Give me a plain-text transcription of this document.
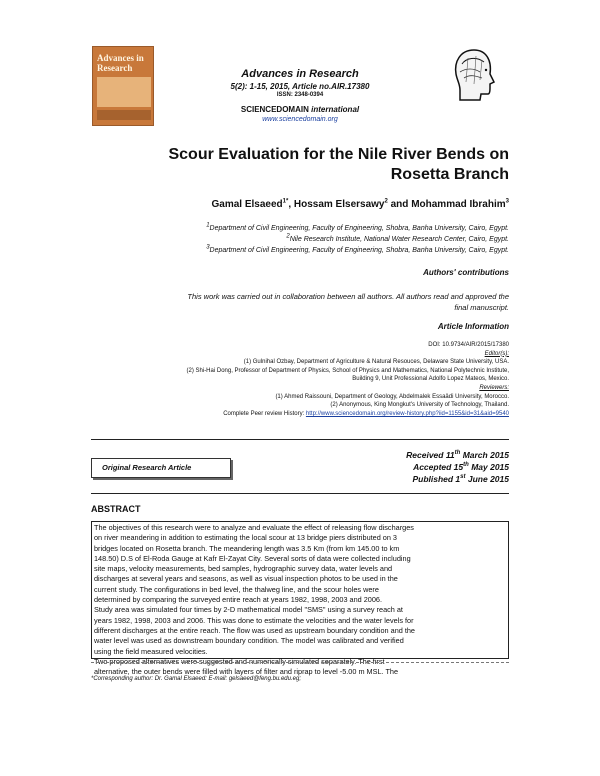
Advances in Research	Advances in Research
5(2): 1-15, 2015, Article no.AIR.17380
ISSN: 2348-0394
SCIENCEDOMAIN international
www.sciencedomain.org
Scour Evaluation for the Nile River Bends on
Rosetta Branch
Gamal Elsaeed$^{1*}$, Hossam Elsersawy$^2$ and Mohammad Ibrahim$^3$
$^1$Department of Civil Engineering, Faculty of Engineering, Shobra, Banha University, Cairo, Egypt.
$^2$Nile Research Institute, National Water Research Center, Cairo, Egypt.
$^3$Department of Civil Engineering, Faculty of Engineering, Shobra, Banha University, Cairo, Egypt.
Authors' contributions
This work was carried out in collaboration between all authors. All authors read and approved the
final manuscript.
Article Information
DOI: 10.9734/AIR/2015/17380
Editor(s):
(1) Gulnihal Ozbay, Department of Agriculture & Natural Resouces, Delaware State University, USA.
(2) Shi-Hai Dong, Professor of Department of Physics, School of Physics and Mathematics, National Polytechnic Institute,
Building 9, Unit Professional Adolfo Lopez Mateos, Mexico.
Reviewers:
(1) Ahmed Raissouni, Department of Geology, Abdelmalek Essaâdi University, Morocco.
(2) Anonymous, King Mongkut's University of Technology, Thailand.
Complete Peer review History: http://www.sciencedomain.org/review-history.php?iid=1155&id=31&aid=9540
Received 11th March 2015
Accepted 15th May 2015
Published 1st June 2015
Original Research Article
ABSTRACT
The objectives of this research were to analyze and evaluate the effect of releasing flow discharges
on river meandering in addition to estimating the local scour at 13 bridge piers distributed on 3
bridges located on Rosetta branch. The meandering length was 3.5 Km (from km 145.00 to km
148.50) D.S of El-Roda Gauge at Kafr El-Zayat City. Several sorts of data were collected including
site maps, velocity measurements, bed samples, hydrographic survey data, water levels and
discharges at several years and seasons, as well as visual inspection photos to be used in the
current study. The configurations in bed level, the thalweg line, and the scour holes were
determined by comparing the surveyed entire reach at years 1982, 1998, 2003 and 2006.
Study area was simulated four times by 2-D mathematical model "SMS" using a survey reach at
years 1982, 1998, 2003 and 2006. This was done to estimate the velocities and the water levels for
different discharges at the entire reach. The flow was used as upstream boundary condition and the
water level was used as downstream boundary condition. The model was calibrated and verified
using the field measured velocities.
Two proposed alternatives were suggested and numerically simulated separately. The first
alternative, the outer bends were filled with layers of filter and riprap to level -5.00 m MSL. The
*Corresponding author: Dr. Gamal Elsaeed: E-mail: gelsaeed@feng.bu.edu.eg;
